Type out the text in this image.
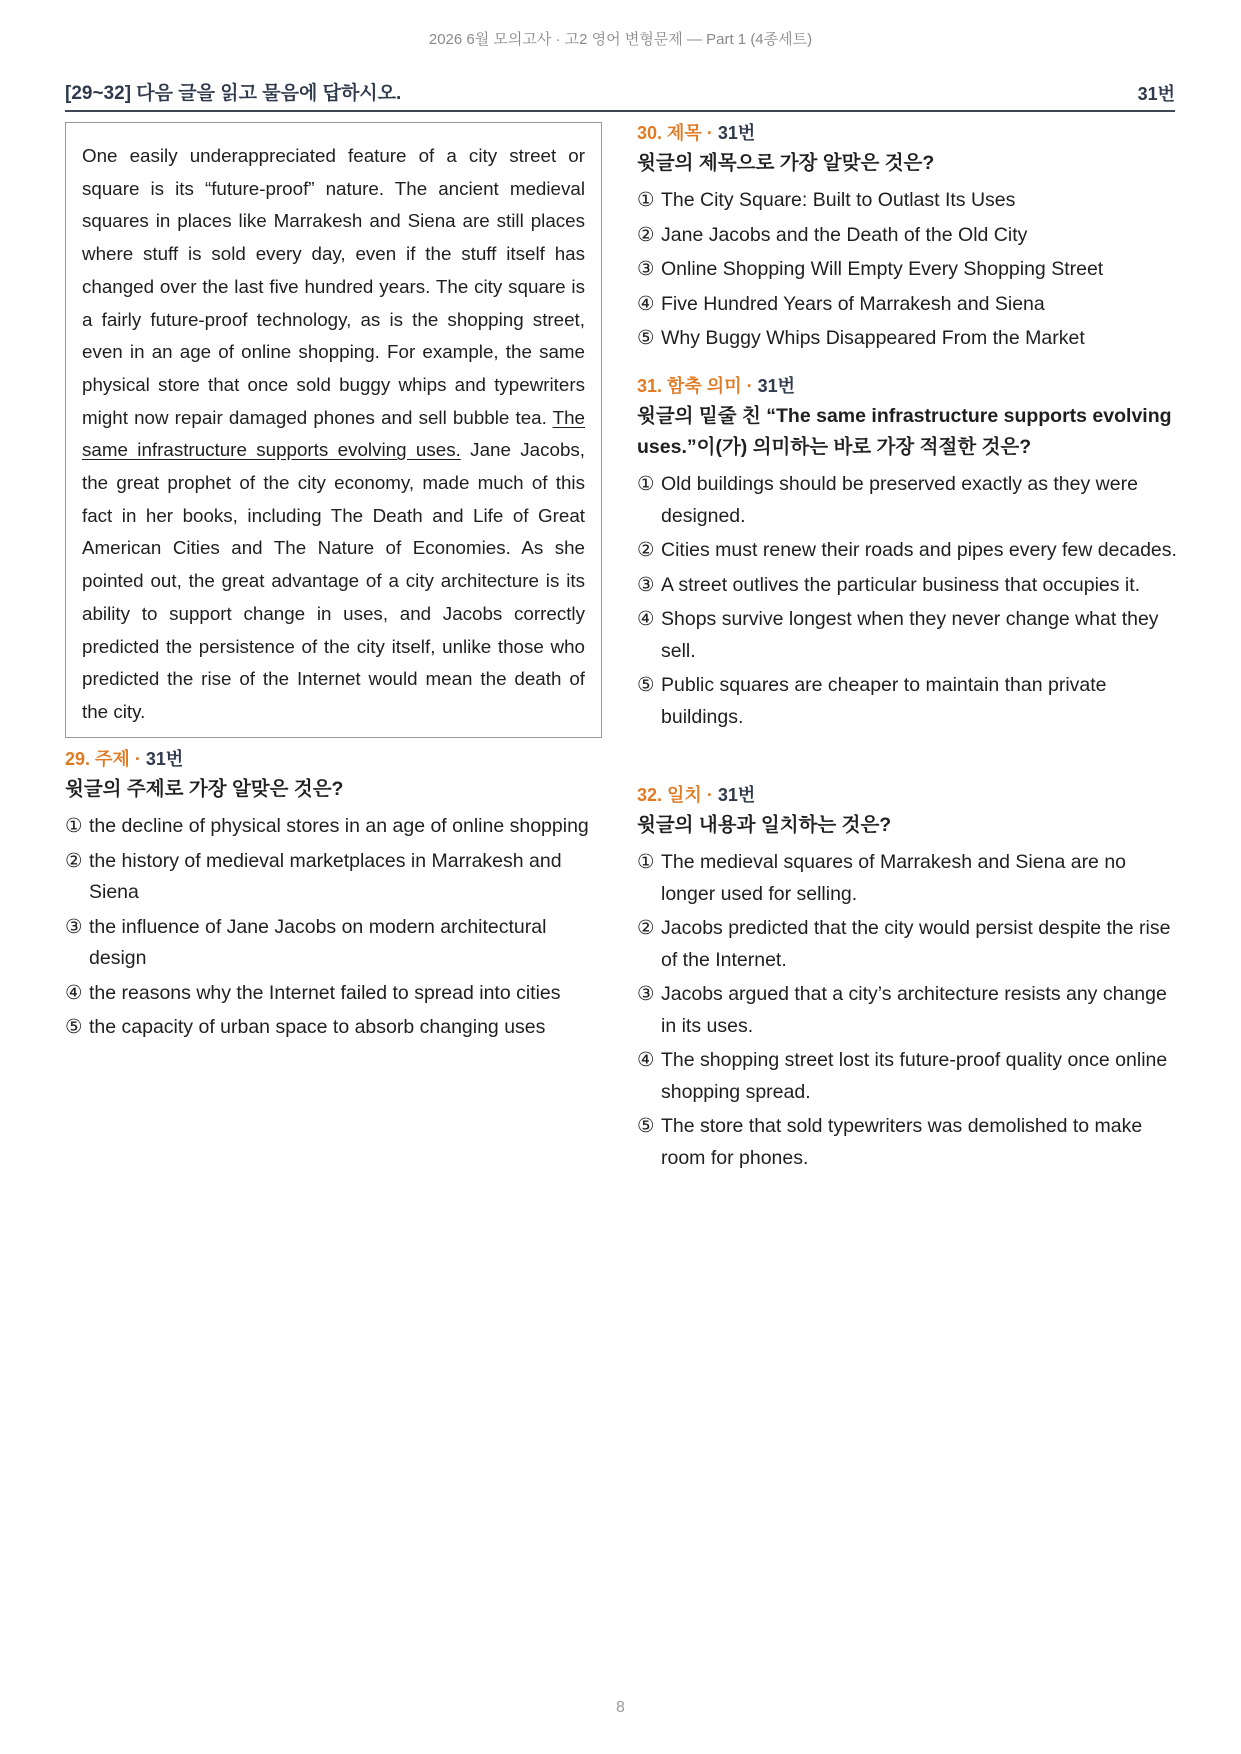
2026 6월 모의고사 · 고2 영어 변형문제 — Part 1 (4종세트)
[29~32] 다음 글을 읽고 물음에 답하시오.	31번
One easily underappreciated feature of a city street or square is its “future-proof” nature. The ancient medieval squares in places like Marrakesh and Siena are still places where stuff is sold every day, even if the stuff itself has changed over the last five hundred years. The city square is a fairly future-proof technology, as is the shopping street, even in an age of online shopping. For example, the same physical store that once sold buggy whips and typewriters might now repair damaged phones and sell bubble tea. The same infrastructure supports evolving uses. Jane Jacobs, the great prophet of the city economy, made much of this fact in her books, including The Death and Life of Great American Cities and The Nature of Economies. As she pointed out, the great advantage of a city architecture is its ability to support change in uses, and Jacobs correctly predicted the persistence of the city itself, unlike those who predicted the rise of the Internet would mean the death of the city.
29. 주제 · 31번
윗글의 주제로 가장 알맞은 것은?
① the decline of physical stores in an age of online shopping
② the history of medieval marketplaces in Marrakesh and Siena
③ the influence of Jane Jacobs on modern architectural design
④ the reasons why the Internet failed to spread into cities
⑤ the capacity of urban space to absorb changing uses
30. 제목 · 31번
윗글의 제목으로 가장 알맞은 것은?
① The City Square: Built to Outlast Its Uses
② Jane Jacobs and the Death of the Old City
③ Online Shopping Will Empty Every Shopping Street
④ Five Hundred Years of Marrakesh and Siena
⑤ Why Buggy Whips Disappeared From the Market
31. 함축 의미 · 31번
윗글의 밑줄 친 “The same infrastructure supports evolving uses.”이(가) 의미하는 바로 가장 적절한 것은?
① Old buildings should be preserved exactly as they were designed.
② Cities must renew their roads and pipes every few decades.
③ A street outlives the particular business that occupies it.
④ Shops survive longest when they never change what they sell.
⑤ Public squares are cheaper to maintain than private buildings.
32. 일치 · 31번
윗글의 내용과 일치하는 것은?
① The medieval squares of Marrakesh and Siena are no longer used for selling.
② Jacobs predicted that the city would persist despite the rise of the Internet.
③ Jacobs argued that a city’s architecture resists any change in its uses.
④ The shopping street lost its future-proof quality once online shopping spread.
⑤ The store that sold typewriters was demolished to make room for phones.
8
